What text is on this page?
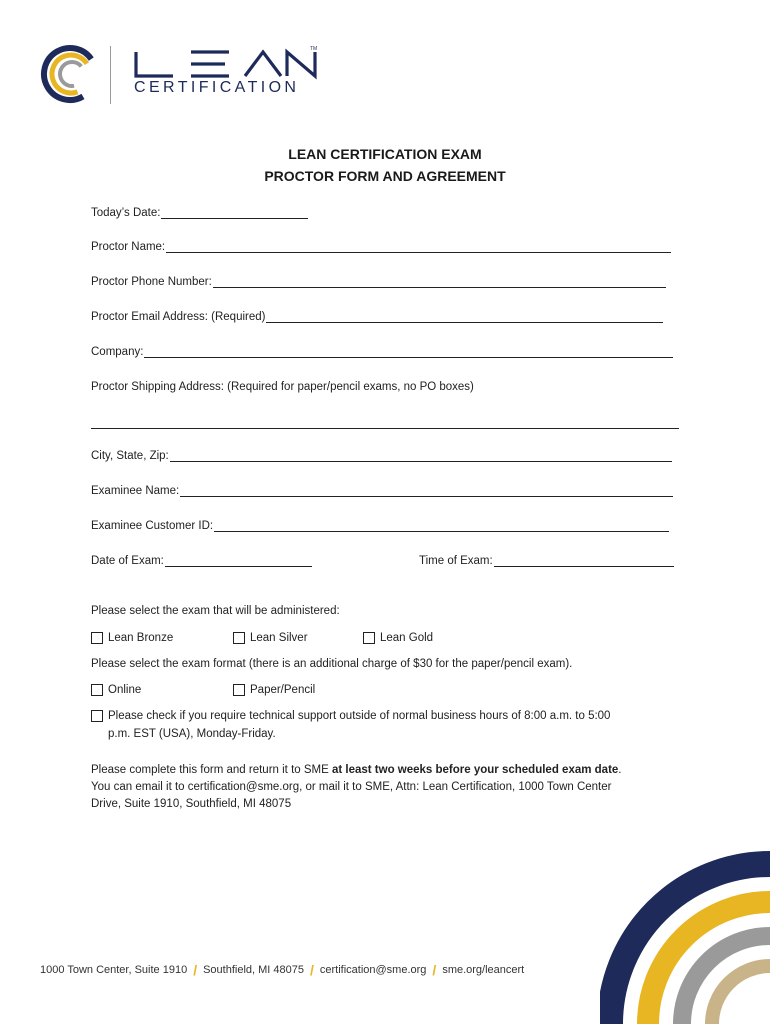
TM
CERTIFICATION
LEAN CERTIFICATION EXAM
PROCTOR FORM AND AGREEMENT
Today’s Date:
Proctor Name:
Proctor Phone Number:
Proctor Email Address: (Required)
Company:
Proctor Shipping Address: (Required for paper/pencil exams, no PO boxes)
City, State, Zip:
Examinee Name:
Examinee Customer ID:
Date of Exam:	Time of Exam:
Please select the exam that will be administered:
Lean Bronze	Lean Silver	Lean Gold
Please select the exam format (there is an additional charge of $30 for the paper/pencil exam).
Online	Paper/Pencil
Please check if you require technical support outside of normal business hours of 8:00 a.m. to 5:00
p.m. EST (USA), Monday-Friday.
Please complete this form and return it to SME at least two weeks before your scheduled exam date.
You can email it to certification@sme.org, or mail it to SME, Attn: Lean Certification, 1000 Town Center
Drive, Suite 1910, Southfield, MI 48075
1000 Town Center, Suite 1910 / Southfield, MI 48075 / certification@sme.org / sme.org/leancert
